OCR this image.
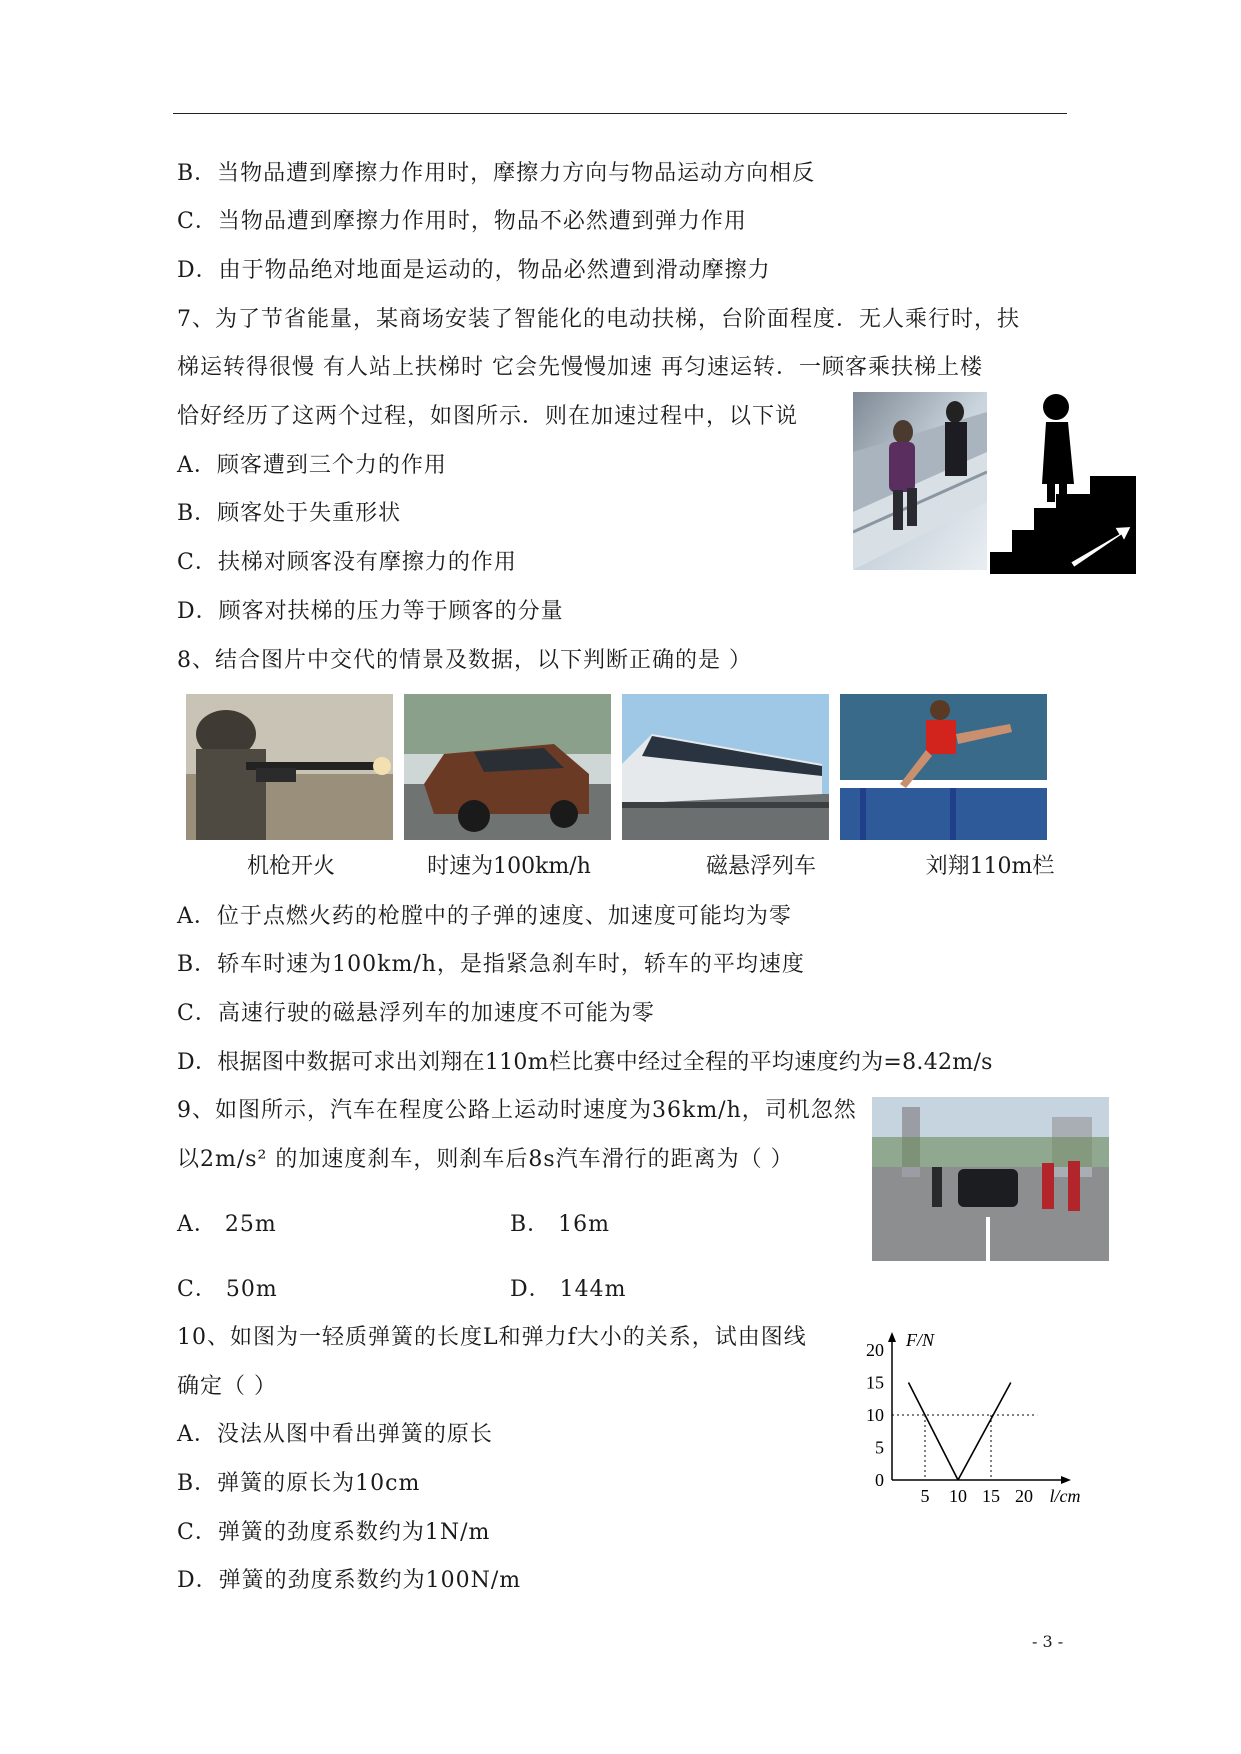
B．当物品遭到摩擦力作用时，摩擦力方向与物品运动方向相反
C．当物品遭到摩擦力作用时，物品不必然遭到弹力作用
D．由于物品绝对地面是运动的，物品必然遭到滑动摩擦力
7、为了节省能量，某商场安装了智能化的电动扶梯，台阶面程度．无人乘行时，扶
梯运转得很慢 有人站上扶梯时 它会先慢慢加速 再匀速运转．一顾客乘扶梯上楼
恰好经历了这两个过程，如图所示．则在加速过程中，以下说
A．顾客遭到三个力的作用
B．顾客处于失重形状
C．扶梯对顾客没有摩擦力的作用
D．顾客对扶梯的压力等于顾客的分量
8、结合图片中交代的情景及数据，以下判断正确的是 ）
机枪开火	时速为100km/h	磁悬浮列车	刘翔110m栏
A．位于点燃火药的枪膛中的子弹的速度、加速度可能均为零
B．轿车时速为100km/h，是指紧急刹车时，轿车的平均速度
C．高速行驶的磁悬浮列车的加速度不可能为零
D．根据图中数据可求出刘翔在110m栏比赛中经过全程的平均速度约为=8.42m/s
9、如图所示，汽车在程度公路上运动时速度为36km/h，司机忽然
以2m/s² 的加速度刹车，则刹车后8s汽车滑行的距离为（ ）
A． 25m	B． 16m
C． 50m	D． 144m
10、如图为一轻质弹簧的长度L和弹力f大小的关系，试由图线
确定（ ）
A．没法从图中看出弹簧的原长
B．弹簧的原长为10cm
C．弹簧的劲度系数约为1N/m
D．弹簧的劲度系数约为100N/m
5 10 15 20
5
10
15
20
0
F/N
l/cm
- 3 -
